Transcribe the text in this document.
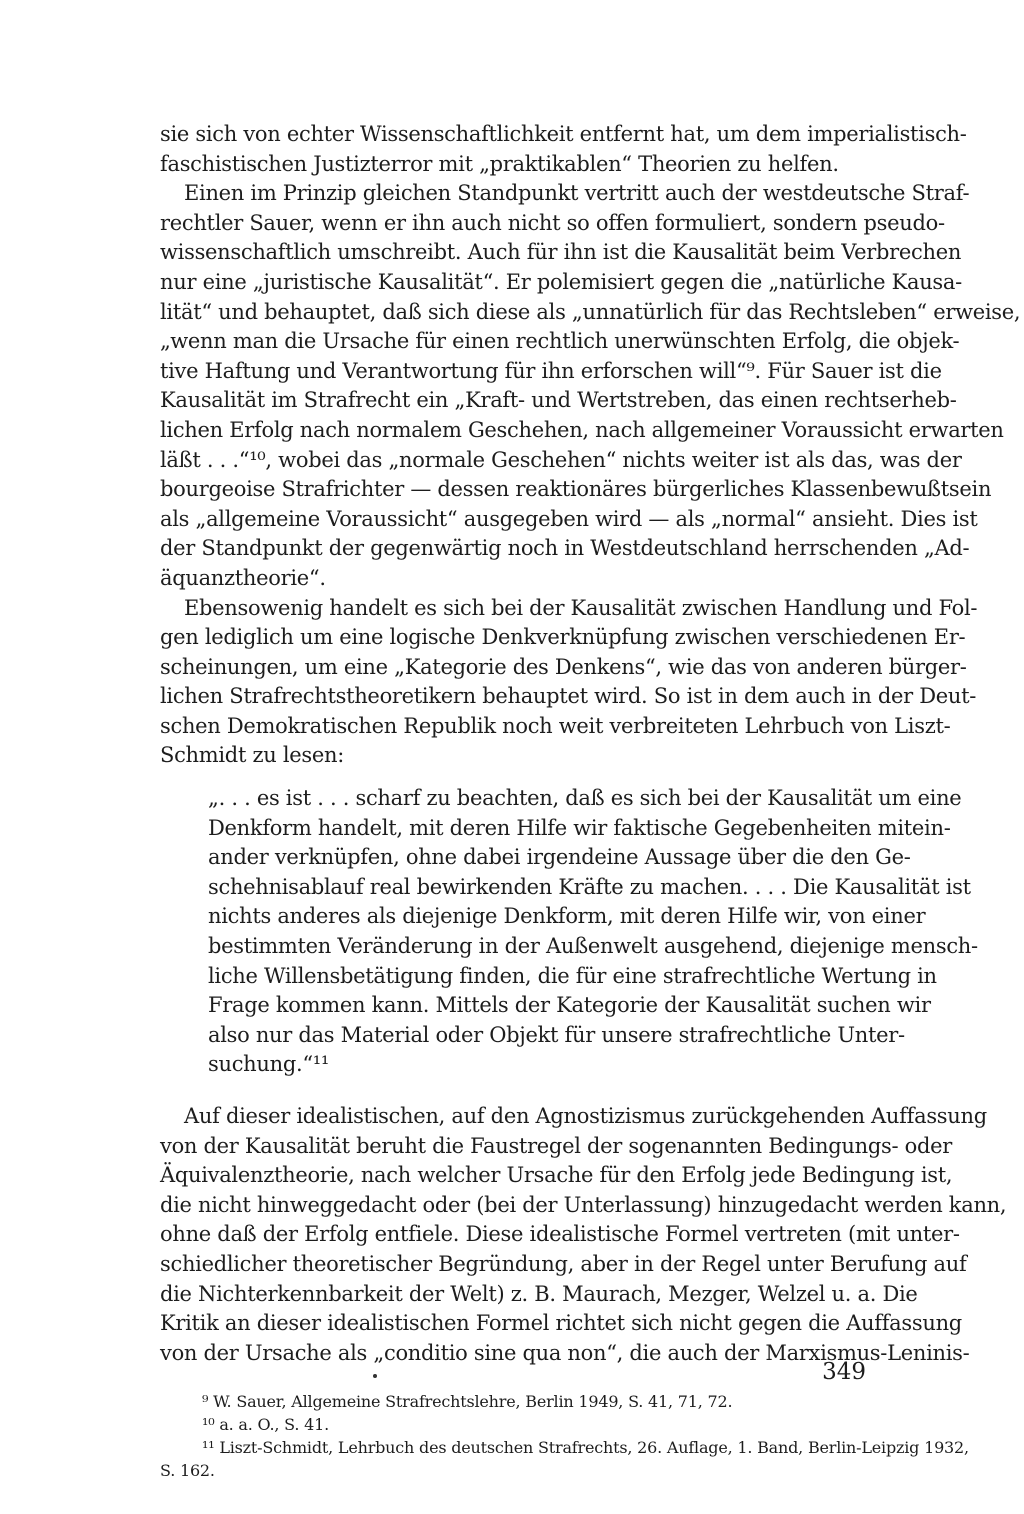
sie sich von echter Wissenschaftlichkeit entfernt hat, um dem imperialistisch-
faschistischen Justizterror mit „praktikablen“ Theorien zu helfen.
Einen im Prinzip gleichen Standpunkt vertritt auch der westdeutsche Straf-
rechtler Sauer, wenn er ihn auch nicht so offen formuliert, sondern pseudo-
wissenschaftlich umschreibt. Auch für ihn ist die Kausalität beim Verbrechen
nur eine „juristische Kausalität“. Er polemisiert gegen die „natürliche Kausa-
lität“ und behauptet, daß sich diese als „unnatürlich für das Rechtsleben“ erweise,
„wenn man die Ursache für einen rechtlich unerwünschten Erfolg, die objek-
tive Haftung und Verantwortung für ihn erforschen will“⁹. Für Sauer ist die
Kausalität im Strafrecht ein „Kraft- und Wertstreben, das einen rechtserheb-
lichen Erfolg nach normalem Geschehen, nach allgemeiner Voraussicht erwarten
läßt . . .“¹⁰, wobei das „normale Geschehen“ nichts weiter ist als das, was der
bourgeoise Strafrichter — dessen reaktionäres bürgerliches Klassenbewußtsein
als „allgemeine Voraussicht“ ausgegeben wird — als „normal“ ansieht. Dies ist
der Standpunkt der gegenwärtig noch in Westdeutschland herrschenden „Ad-
äquanztheorie“.
Ebensowenig handelt es sich bei der Kausalität zwischen Handlung und Fol-
gen lediglich um eine logische Denkverknüpfung zwischen verschiedenen Er-
scheinungen, um eine „Kategorie des Denkens“, wie das von anderen bürger-
lichen Strafrechtstheoretikern behauptet wird. So ist in dem auch in der Deut-
schen Demokratischen Republik noch weit verbreiteten Lehrbuch von Liszt-
Schmidt zu lesen:
„. . . es ist . . . scharf zu beachten, daß es sich bei der Kausalität um eine
Denkform handelt, mit deren Hilfe wir faktische Gegebenheiten mitein-
ander verknüpfen, ohne dabei irgendeine Aussage über die den Ge-
schehnisablauf real bewirkenden Kräfte zu machen. . . . Die Kausalität ist
nichts anderes als diejenige Denkform, mit deren Hilfe wir, von einer
bestimmten Veränderung in der Außenwelt ausgehend, diejenige mensch-
liche Willensbetätigung finden, die für eine strafrechtliche Wertung in
Frage kommen kann. Mittels der Kategorie der Kausalität suchen wir
also nur das Material oder Objekt für unsere strafrechtliche Unter-
suchung.“¹¹
Auf dieser idealistischen, auf den Agnostizismus zurückgehenden Auffassung
von der Kausalität beruht die Faustregel der sogenannten Bedingungs- oder
Äquivalenztheorie, nach welcher Ursache für den Erfolg jede Bedingung ist,
die nicht hinweggedacht oder (bei der Unterlassung) hinzugedacht werden kann,
ohne daß der Erfolg entfiele. Diese idealistische Formel vertreten (mit unter-
schiedlicher theoretischer Begründung, aber in der Regel unter Berufung auf
die Nichterkennbarkeit der Welt) z. B. Maurach, Mezger, Welzel u. a. Die
Kritik an dieser idealistischen Formel richtet sich nicht gegen die Auffassung
von der Ursache als „conditio sine qua non“, die auch der Marxismus-Leninis-
⁹ W. Sauer, Allgemeine Strafrechtslehre, Berlin 1949, S. 41, 71, 72.
¹⁰ a. a. O., S. 41.
¹¹ Liszt-Schmidt, Lehrbuch des deutschen Strafrechts, 26. Auflage, 1. Band, Berlin-Leipzig 1932,
S. 162.
349
